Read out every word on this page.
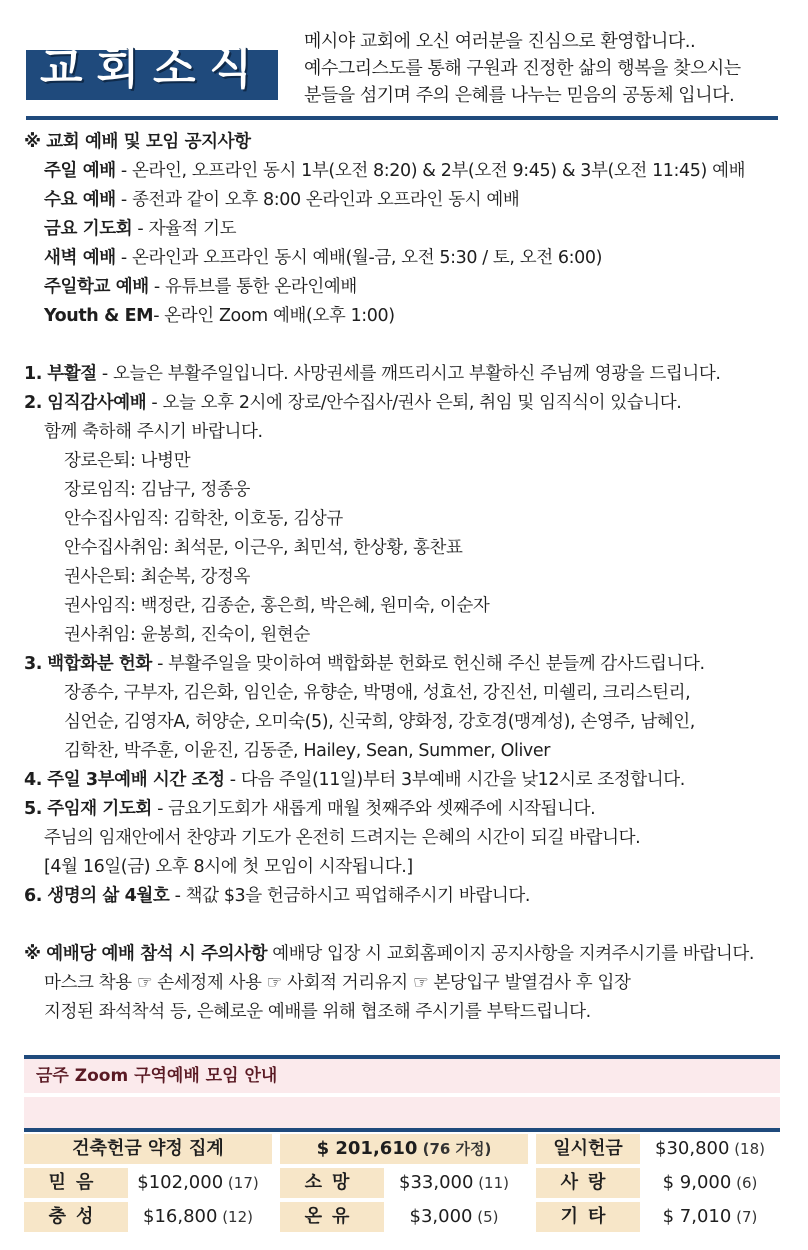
교회소식
메시야 교회에 오신 여러분을 진심으로 환영합니다..
예수그리스도를 통해 구원과 진정한 삶의 행복을 찾으시는
분들을 섬기며 주의 은혜를 나누는 믿음의 공동체 입니다.
※ 교회 예배 및 모임 공지사항
주일 예배 - 온라인, 오프라인 동시 1부(오전 8:20) & 2부(오전 9:45) & 3부(오전 11:45) 예배
수요 예배 - 종전과 같이 오후 8:00 온라인과 오프라인 동시 예배
금요 기도회 - 자율적 기도
새벽 예배 - 온라인과 오프라인 동시 예배(월-금, 오전 5:30 / 토, 오전 6:00)
주일학교 예배 - 유튜브를 통한 온라인예배
Youth & EM- 온라인 Zoom 예배(오후 1:00)
1. 부활절 - 오늘은 부활주일입니다. 사망권세를 깨뜨리시고 부활하신 주님께 영광을 드립니다.
2. 임직감사예배 - 오늘 오후 2시에 장로/안수집사/권사 은퇴, 취임 및 임직식이 있습니다.
함께 축하해 주시기 바랍니다.
장로은퇴: 나병만
장로임직: 김남구, 정종웅
안수집사임직: 김학찬, 이호동, 김상규
안수집사취임: 최석문, 이근우, 최민석, 한상황, 홍찬표
권사은퇴: 최순복, 강정옥
권사임직: 백정란, 김종순, 홍은희, 박은혜, 원미숙, 이순자
권사취임: 윤봉희, 진숙이, 원현순
3. 백합화분 헌화 - 부활주일을 맞이하여 백합화분 헌화로 헌신해 주신 분들께 감사드립니다.
장종수, 구부자, 김은화, 임인순, 유향순, 박명애, 성효선, 강진선, 미쉘리, 크리스틴리,
심언순, 김영자A, 허양순, 오미숙(5), 신국희, 양화정, 강호경(맹계성), 손영주, 남혜인,
김학찬, 박주훈, 이윤진, 김동준, Hailey, Sean, Summer, Oliver
4. 주일 3부예배 시간 조정 - 다음 주일(11일)부터 3부예배 시간을 낮12시로 조정합니다.
5. 주임재 기도회 - 금요기도회가 새롭게 매월 첫째주와 셋째주에 시작됩니다.
주님의 임재안에서 찬양과 기도가 온전히 드려지는 은혜의 시간이 되길 바랍니다.
[4월 16일(금) 오후 8시에 첫 모임이 시작됩니다.]
6. 생명의 삶 4월호 - 책값 $3을 헌금하시고 픽업해주시기 바랍니다.
※ 예배당 예배 참석 시 주의사항 예배당 입장 시 교회홈페이지 공지사항을 지켜주시기를 바랍니다.
마스크 착용 ☞ 손세정제 사용 ☞ 사회적 거리유지 ☞ 본당입구 발열검사 후 입장
지정된 좌석착석 등, 은혜로운 예배를 위해 협조해 주시기를 부탁드립니다.
금주 Zoom 구역예배 모임 안내
건축헌금 약정 집계	$ 201,610 (76 가정)	일시헌금	$30,800 (18)
믿음	$102,000 (17)	소망	$33,000 (11)	사랑	$ 9,000 (6)
충성	$16,800 (12)	온유	$3,000 (5)	기타	$ 7,010 (7)
